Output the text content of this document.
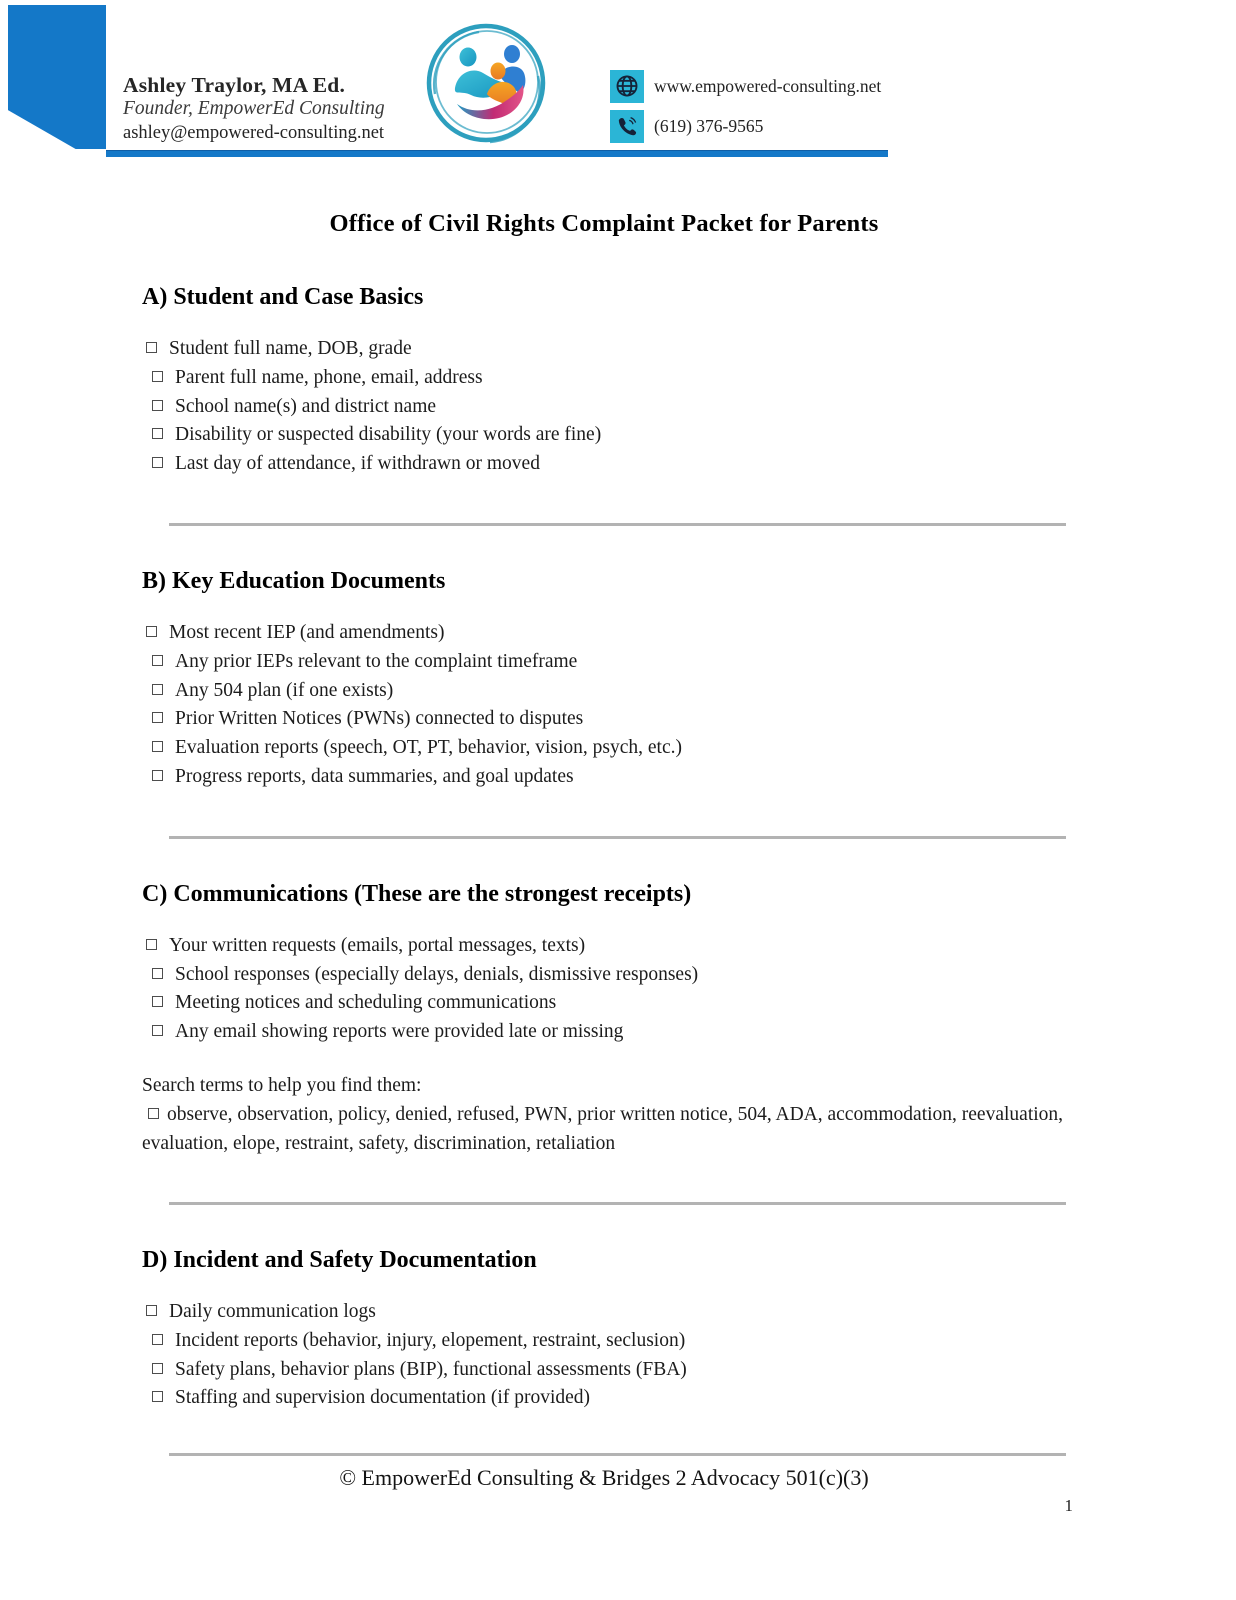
Ashley Traylor, MA Ed.
Founder, EmpowerEd Consulting
ashley@empowered-consulting.net
www.empowered-consulting.net
(619) 376-9565
Office of Civil Rights Complaint Packet for Parents
A) Student and Case Basics
Student full name, DOB, grade
Parent full name, phone, email, address
School name(s) and district name
Disability or suspected disability (your words are fine)
Last day of attendance, if withdrawn or moved
B) Key Education Documents
Most recent IEP (and amendments)
Any prior IEPs relevant to the complaint timeframe
Any 504 plan (if one exists)
Prior Written Notices (PWNs) connected to disputes
Evaluation reports (speech, OT, PT, behavior, vision, psych, etc.)
Progress reports, data summaries, and goal updates
C) Communications (These are the strongest receipts)
Your written requests (emails, portal messages, texts)
School responses (especially delays, denials, dismissive responses)
Meeting notices and scheduling communications
Any email showing reports were provided late or missing
Search terms to help you find them:
observe, observation, policy, denied, refused, PWN, prior written notice, 504, ADA, accommodation, reevaluation, evaluation, elope, restraint, safety, discrimination, retaliation
D) Incident and Safety Documentation
Daily communication logs
Incident reports (behavior, injury, elopement, restraint, seclusion)
Safety plans, behavior plans (BIP), functional assessments (FBA)
Staffing and supervision documentation (if provided)
© EmpowerEd Consulting & Bridges 2 Advocacy 501(c)(3)
1
